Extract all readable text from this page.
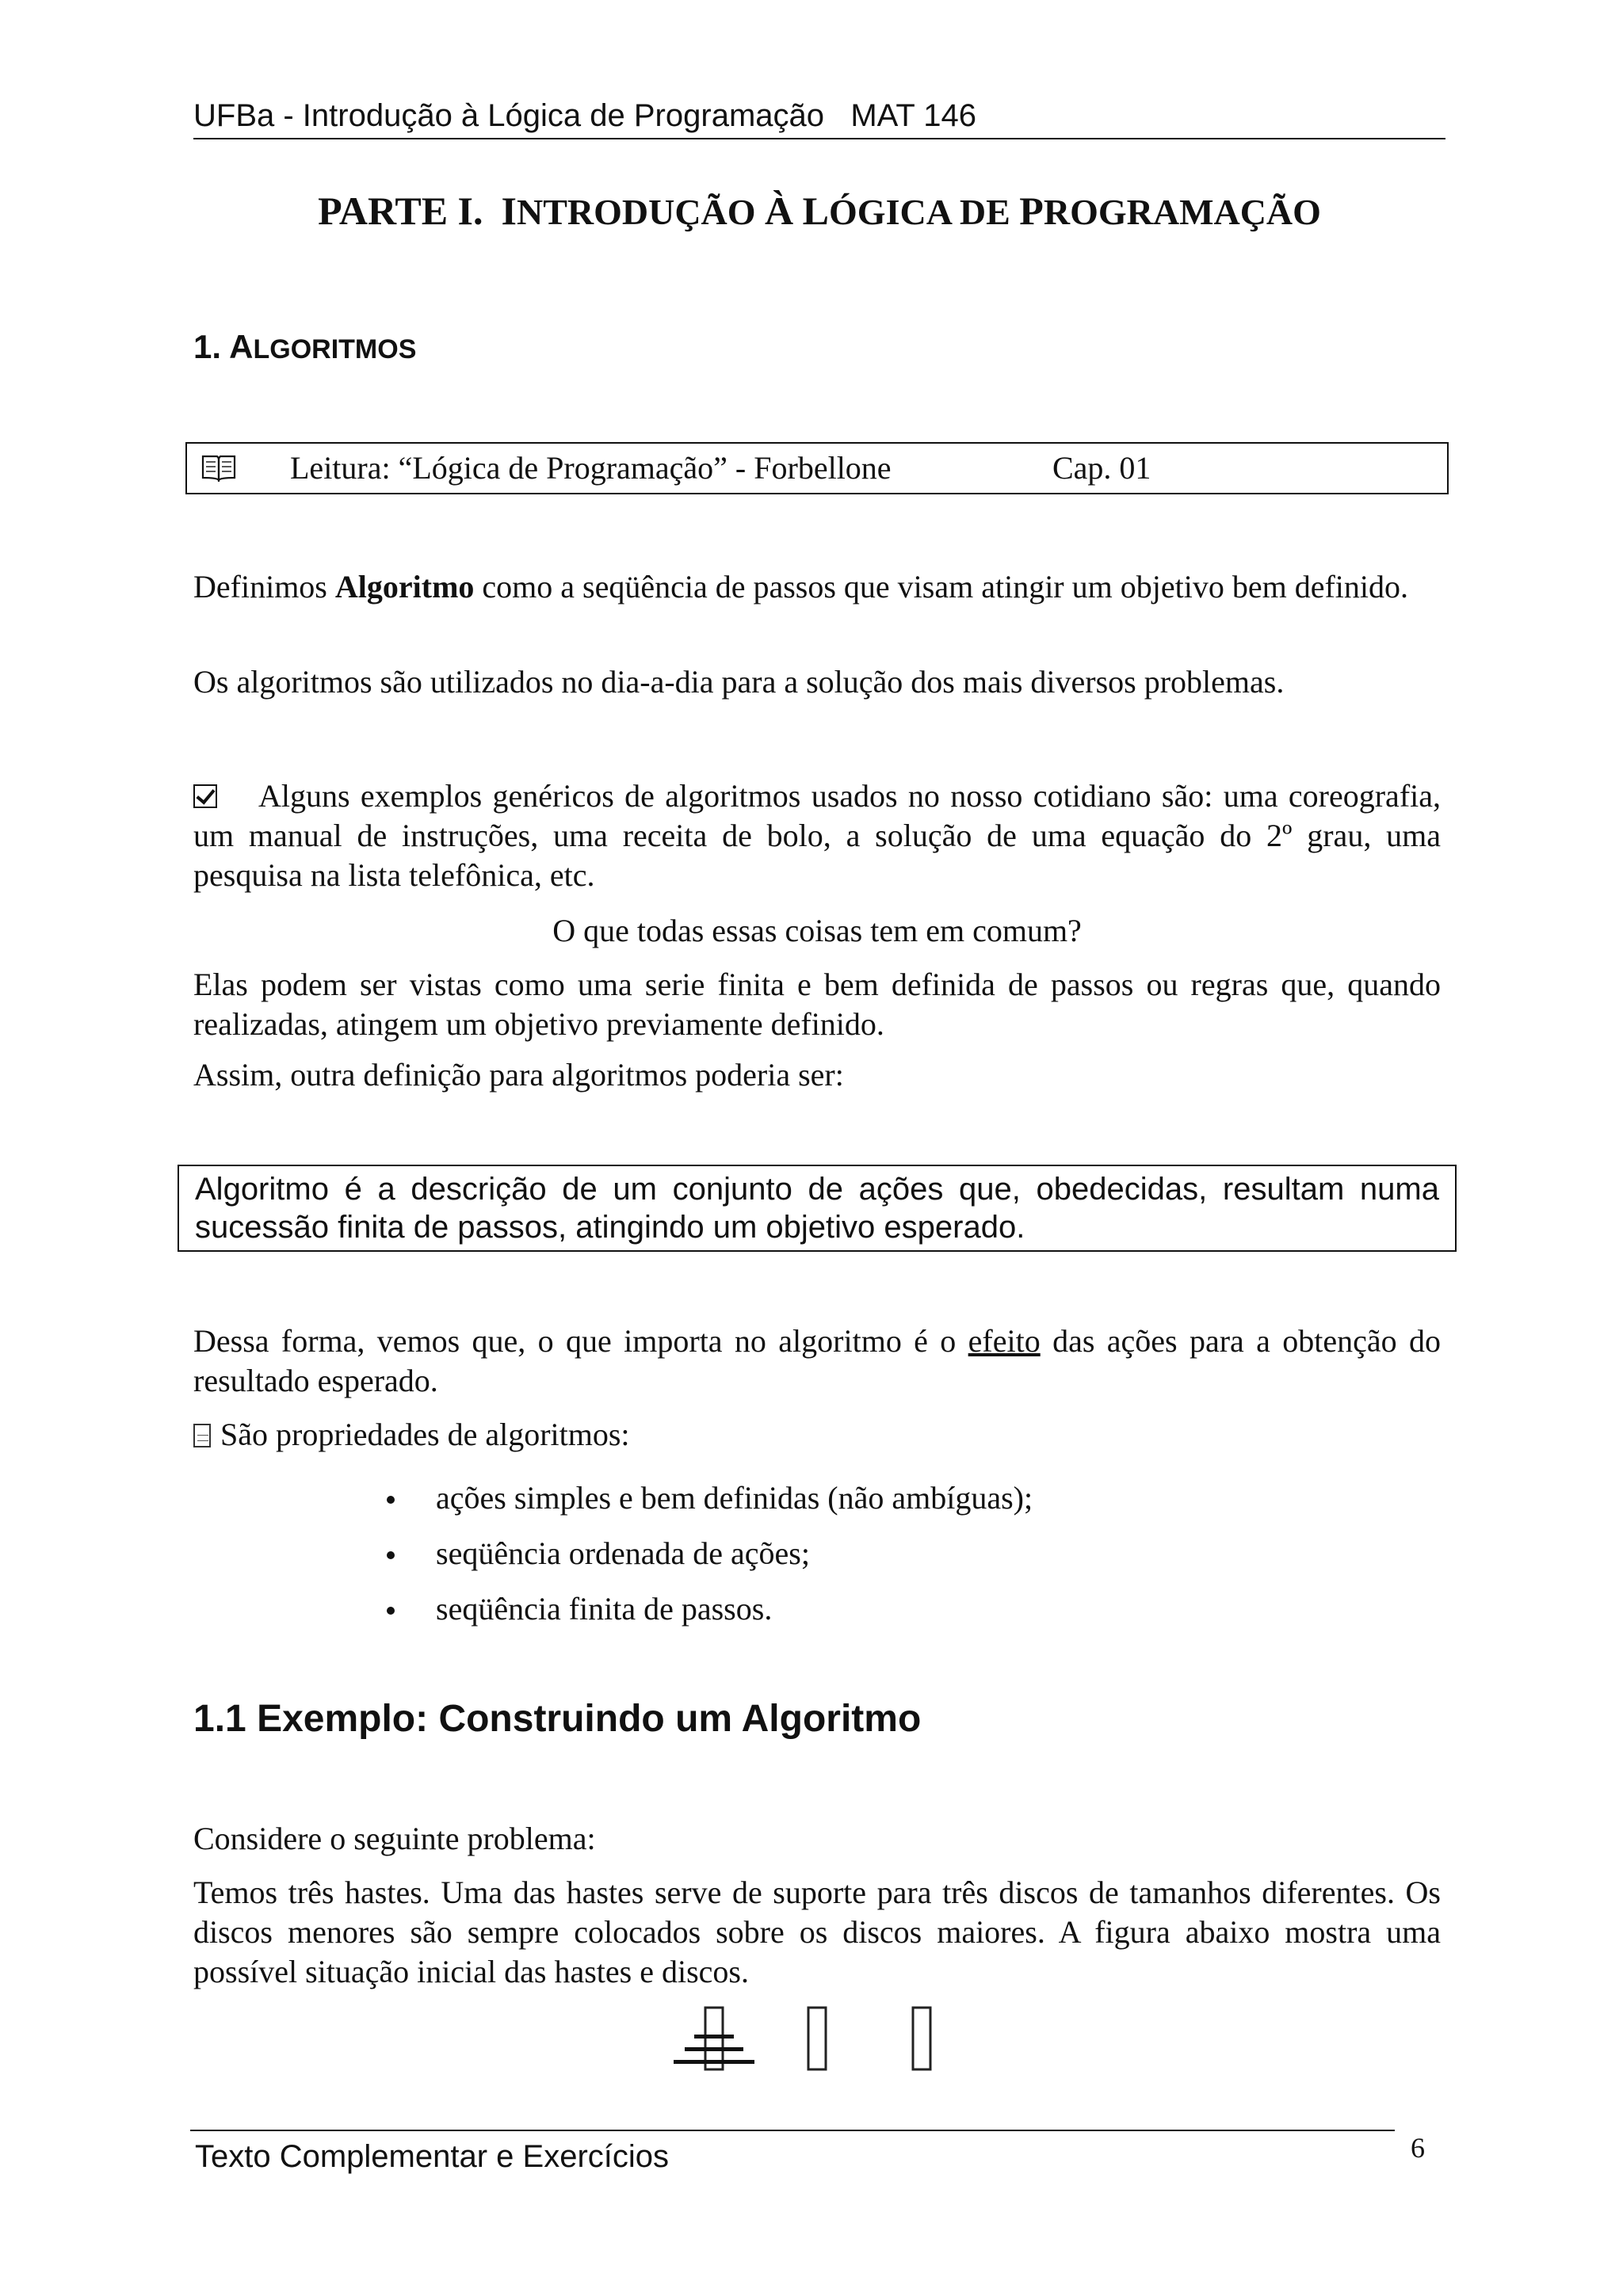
UFBa - Introdução à Lógica de Programação MAT 146
PARTE I. INTRODUÇÃO À LÓGICA DE PROGRAMAÇÃO
1. ALGORITMOS
Leitura: “Lógica de Programação” - Forbellone	Cap. 01
Definimos Algoritmo como a seqüência de passos que visam atingir um objetivo bem definido.
Os algoritmos são utilizados no dia-a-dia para a solução dos mais diversos problemas.
Alguns exemplos genéricos de algoritmos usados no nosso cotidiano são: uma coreografia, um manual de instruções, uma receita de bolo, a solução de uma equação do 2º grau, uma pesquisa na lista telefônica, etc.
O que todas essas coisas tem em comum?
Elas podem ser vistas como uma serie finita e bem definida de passos ou regras que, quando realizadas, atingem um objetivo previamente definido.
Assim, outra definição para algoritmos poderia ser:
Algoritmo é a descrição de um conjunto de ações que, obedecidas, resultam numa sucessão finita de passos, atingindo um objetivo esperado.
Dessa forma, vemos que, o que importa no algoritmo é o efeito das ações para a obtenção do resultado esperado.
São propriedades de algoritmos:
ações simples e bem definidas (não ambíguas);
seqüência ordenada de ações;
seqüência finita de passos.
1.1 Exemplo: Construindo um Algoritmo
Considere o seguinte problema:
Temos três hastes. Uma das hastes serve de suporte para três discos de tamanhos diferentes. Os discos menores são sempre colocados sobre os discos maiores. A figura abaixo mostra uma possível situação inicial das hastes e discos.
Texto Complementar e Exercícios	6
